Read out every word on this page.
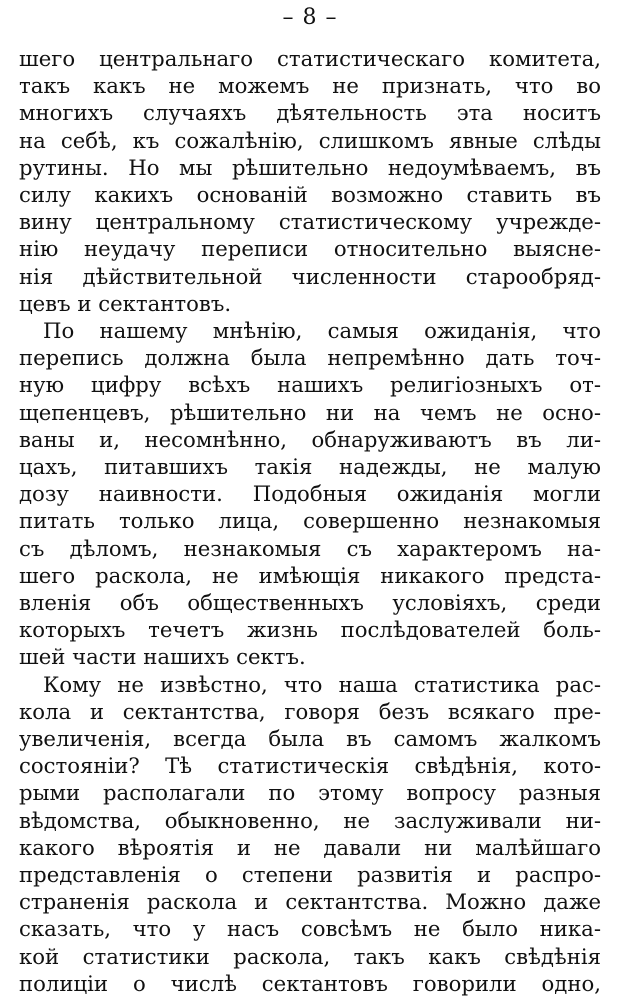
– 8 –
шего центральнаго статистическаго комитета,
такъ какъ не можемъ не признать, что во
многихъ случаяхъ дѣятельность эта носитъ
на себѣ, къ сожалѣнію, слишкомъ явные слѣды
рутины. Но мы рѣшительно недоумѣваемъ, въ
силу какихъ основаній возможно ставить въ
вину центральному статистическому учрежде-
нію неудачу переписи относительно выясне-
нія дѣйствительной численности старообряд-
цевъ и сектантовъ.
По нашему мнѣнію, самыя ожиданія, что
перепись должна была непремѣнно дать точ-
ную цифру всѣхъ нашихъ религіозныхъ от-
щепенцевъ, рѣшительно ни на чемъ не осно-
ваны и, несомнѣнно, обнаруживаютъ въ ли-
цахъ, питавшихъ такія надежды, не малую
дозу наивности. Подобныя ожиданія могли
питать только лица, совершенно незнакомыя
съ дѣломъ, незнакомыя съ характеромъ на-
шего раскола, не имѣющія никакого предста-
вленія объ общественныхъ условіяхъ, среди
которыхъ течетъ жизнь послѣдователей боль-
шей части нашихъ сектъ.
Кому не извѣстно, что наша статистика рас-
кола и сектантства, говоря безъ всякаго пре-
увеличенія, всегда была въ самомъ жалкомъ
состояніи? Тѣ статистическія свѣдѣнія, кото-
рыми располагали по этому вопросу разныя
вѣдомства, обыкновенно, не заслуживали ни-
какого вѣроятія и не давали ни малѣйшаго
представленія о степени развитія и распро-
страненія раскола и сектантства. Можно даже
сказать, что у насъ совсѣмъ не было ника-
кой статистики раскола, такъ какъ свѣдѣнія
полиціи о числѣ сектантовъ говорили одно,
